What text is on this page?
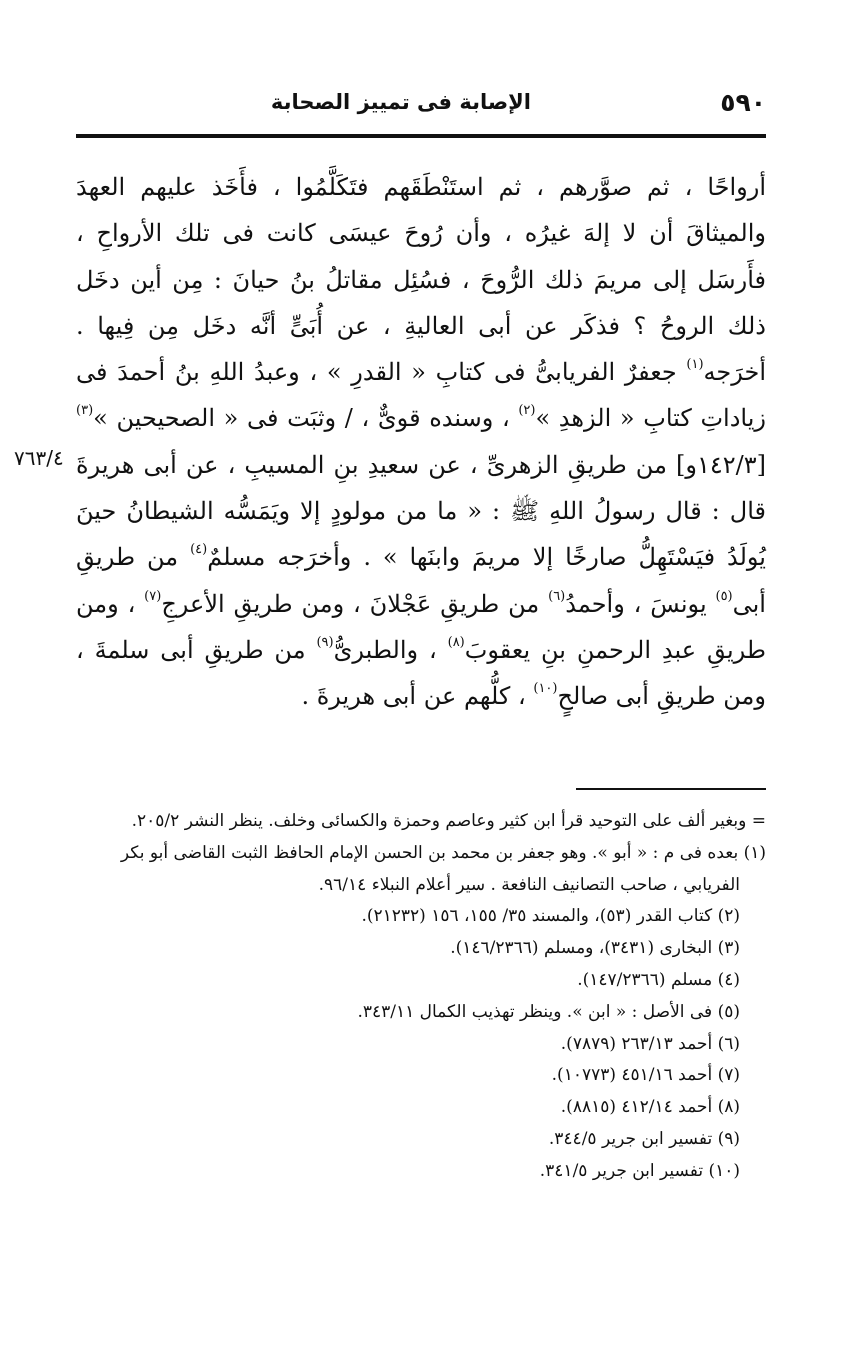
٥٩٠
الإصابة فى تمييز الصحابة
٧٦٣/٤

أرواحًا ، ثم صوَّرهم ، ثم استَنْطَقَهم فتَكَلَّمُوا ، فأَخَذ عليهم العهدَ والميثاقَ أن لا إلهَ غيرُه ، وأن رُوحَ عيسَى كانت فى تلك الأرواحِ ، فأَرسَل إلى مريمَ ذلك الرُّوحَ ، فسُئِل مقاتلُ بنُ حيانَ : مِن أين دخَل ذلك الروحُ ؟ فذكَر عن أبى العاليةِ ، عن أُبَىٍّ أنَّه دخَل مِن فِيها . أخرَجه$^{(١)}$ جعفرٌ الفريابىُّ فى كتابِ « القدرِ » ، وعبدُ اللهِ بنُ أحمدَ فى زياداتِ كتابِ « الزهدِ »$^{(٢)}$ ، وسنده قوىٌّ ، / وثبَت فى « الصحيحين »$^{(٣)}$ [١٤٢/٣و] من طريقِ الزهرىِّ ، عن سعيدِ بنِ المسيبِ ، عن أبى هريرةَ قال : قال رسولُ اللهِ ﷺ : « ما من مولودٍ إلا ويَمَسُّه الشيطانُ حينَ يُولَدُ فيَسْتَهِلُّ صارخًا إلا مريمَ وابنَها » . وأخرَجه مسلمٌ$^{(٤)}$ من طريقِ أبى$^{(٥)}$ يونسَ ، وأحمدُ$^{(٦)}$ من طريقِ عَجْلانَ ، ومن طريقِ الأعرجِ$^{(٧)}$ ، ومن طريقِ عبدِ الرحمنِ بنِ يعقوبَ$^{(٨)}$ ، والطبرىُّ$^{(٩)}$ من طريقِ أبى سلمةَ ، ومن طريقِ أبى صالحٍ$^{(١٠)}$ ، كلُّهم عن أبى هريرةَ .

= وبغير ألف على التوحيد قرأ ابن كثير وعاصم وحمزة والكسائى وخلف. ينظر النشر ٢٠٥/٢.

(١) بعده فى م : « أبو ». وهو جعفر بن محمد بن الحسن الإمام الحافظ الثبت القاضى أبو بكر

الفريابي ، صاحب التصانيف النافعة . سير أعلام النبلاء ٩٦/١٤.

(٢) كتاب القدر (٥٣)، والمسند ٣٥/ ١٥٥، ١٥٦ (٢١٢٣٢).

(٣) البخارى (٣٤٣١)، ومسلم (١٤٦/٢٣٦٦).

(٤) مسلم (١٤٧/٢٣٦٦).

(٥) فى الأصل : « ابن ». وينظر تهذيب الكمال ٣٤٣/١١.

(٦) أحمد ٢٦٣/١٣ (٧٨٧٩).

(٧) أحمد ٤٥١/١٦ (١٠٧٧٣).

(٨) أحمد ٤١٢/١٤ (٨٨١٥).

(٩) تفسير ابن جرير ٣٤٤/٥.

(١٠) تفسير ابن جرير ٣٤١/٥.
